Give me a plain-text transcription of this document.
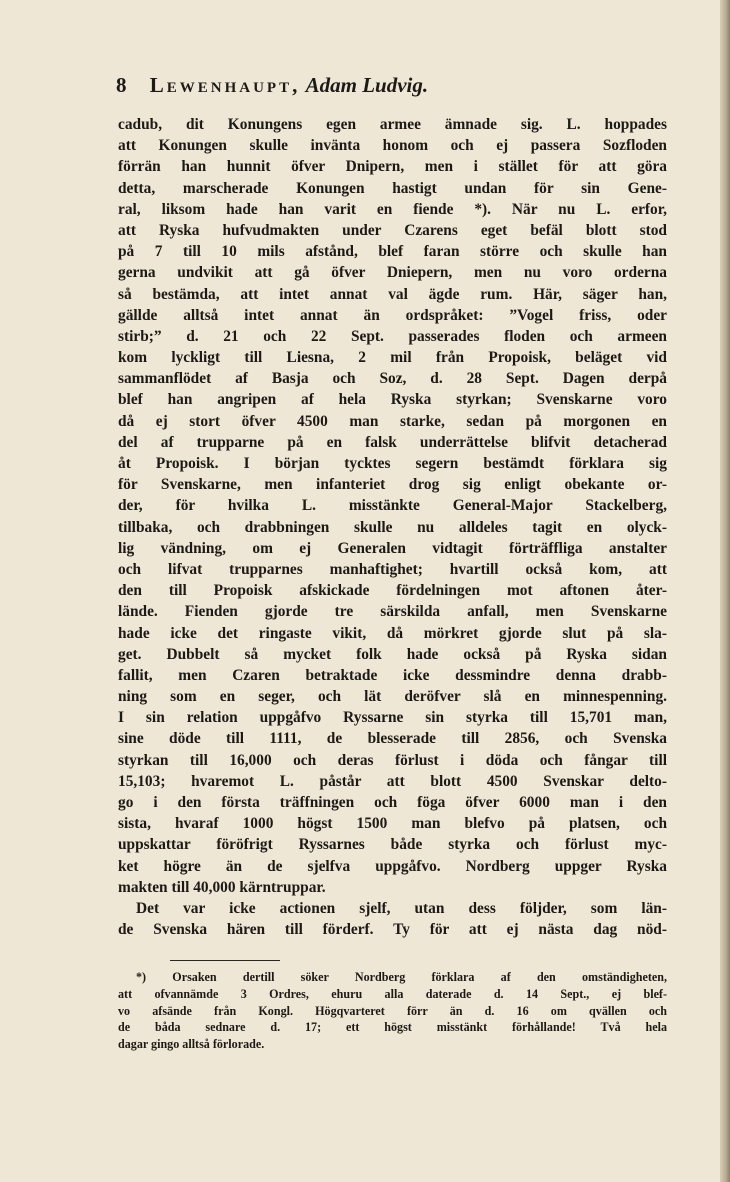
8 Lewenhaupt, Adam Ludvig.
cadub, dit Konungens egen armee ämnade sig. L. hoppades
att Konungen skulle invänta honom och ej passera Sozfloden
förrän han hunnit öfver Dnipern, men i stället för att göra
detta, marscherade Konungen hastigt undan för sin Gene-
ral, liksom hade han varit en fiende *). När nu L. erfor,
att Ryska hufvudmakten under Czarens eget befäl blott stod
på 7 till 10 mils afstånd, blef faran större och skulle han
gerna undvikit att gå öfver Dniepern, men nu voro orderna
så bestämda, att intet annat val ägde rum. Här, säger han,
gällde alltså intet annat än ordspråket: ”Vogel friss, oder
stirb;” d. 21 och 22 Sept. passerades floden och armeen
kom lyckligt till Liesna, 2 mil från Propoisk, beläget vid
sammanflödet af Basja och Soz, d. 28 Sept. Dagen derpå
blef han angripen af hela Ryska styrkan; Svenskarne voro
då ej stort öfver 4500 man starke, sedan på morgonen en
del af trupparne på en falsk underrättelse blifvit detacherad
åt Propoisk. I början tycktes segern bestämdt förklara sig
för Svenskarne, men infanteriet drog sig enligt obekante or-
der, för hvilka L. misstänkte General-Major Stackelberg,
tillbaka, och drabbningen skulle nu alldeles tagit en olyck-
lig vändning, om ej Generalen vidtagit förträffliga anstalter
och lifvat trupparnes manhaftighet; hvartill också kom, att
den till Propoisk afskickade fördelningen mot aftonen åter-
lände. Fienden gjorde tre särskilda anfall, men Svenskarne
hade icke det ringaste vikit, då mörkret gjorde slut på sla-
get. Dubbelt så mycket folk hade också på Ryska sidan
fallit, men Czaren betraktade icke dessmindre denna drabb-
ning som en seger, och lät deröfver slå en minnespenning.
I sin relation uppgåfvo Ryssarne sin styrka till 15,701 man,
sine döde till 1111, de blesserade till 2856, och Svenska
styrkan till 16,000 och deras förlust i döda och fångar till
15,103; hvaremot L. påstår att blott 4500 Svenskar delto-
go i den första träffningen och föga öfver 6000 man i den
sista, hvaraf 1000 högst 1500 man blefvo på platsen, och
uppskattar föröfrigt Ryssarnes både styrka och förlust myc-
ket högre än de sjelfva uppgåfvo. Nordberg uppger Ryska
makten till 40,000 kärntruppar.
Det var icke actionen sjelf, utan dess följder, som län-
de Svenska hären till förderf. Ty för att ej nästa dag nöd-
*) Orsaken dertill söker Nordberg förklara af den omständigheten,
att ofvannämde 3 Ordres, ehuru alla daterade d. 14 Sept., ej blef-
vo afsände från Kongl. Högqvarteret förr än d. 16 om qvällen och
de båda sednare d. 17; ett högst misstänkt förhållande! Två hela
dagar gingo alltså förlorade.
